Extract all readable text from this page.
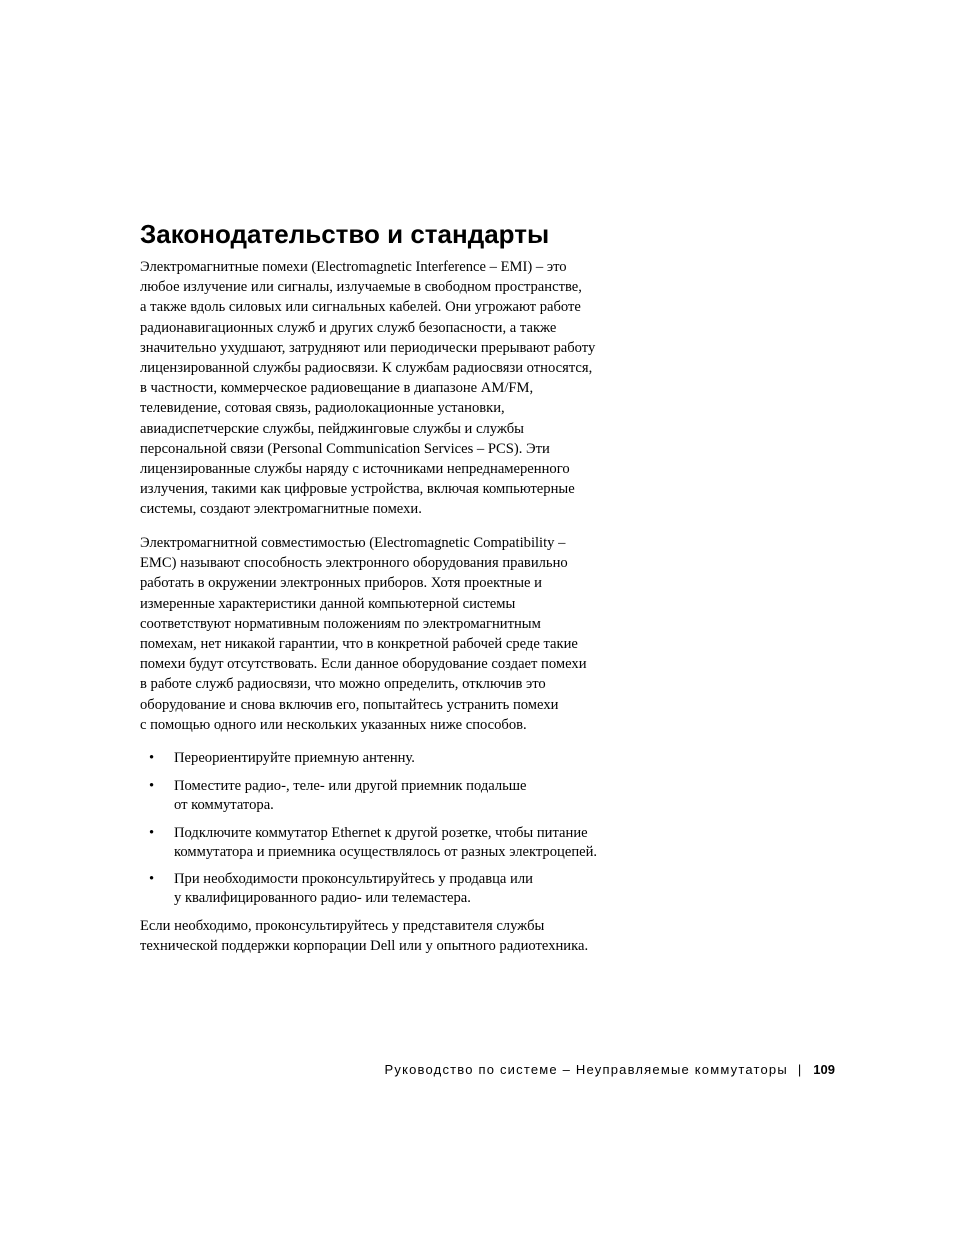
Законодательство и стандарты
Электромагнитные помехи (Electromagnetic Interference – EMI) – это
любое излучение или сигналы, излучаемые в свободном пространстве,
а также вдоль силовых или сигнальных кабелей. Они угрожают работе
радионавигационных служб и других служб безопасности, а также
значительно ухудшают, затрудняют или периодически прерывают работу
лицензированной службы радиосвязи. К службам радиосвязи относятся,
в частности, коммерческое радиовещание в диапазоне AM/FM,
телевидение, сотовая связь, радиолокационные установки,
авиадиспетчерские службы, пейджинговые службы и службы
персональной связи (Personal Communication Services – PCS). Эти
лицензированные службы наряду с источниками непреднамеренного
излучения, такими как цифровые устройства, включая компьютерные
системы, создают электромагнитные помехи.
Электромагнитной совместимостью (Electromagnetic Compatibility –
EMC) называют способность электронного оборудования правильно
работать в окружении электронных приборов. Хотя проектные и
измеренные характеристики данной компьютерной системы
соответствуют нормативным положениям по электромагнитным
помехам, нет никакой гарантии, что в конкретной рабочей среде такие
помехи будут отсутствовать. Если данное оборудование создает помехи
в работе служб радиосвязи, что можно определить, отключив это
оборудование и снова включив его, попытайтесь устранить помехи
с помощью одного или нескольких указанных ниже способов.
• Переориентируйте приемную антенну.
• Поместите радио-, теле- или другой приемник подальше
от коммутатора.
• Подключите коммутатор Ethernet к другой розетке, чтобы питание
коммутатора и приемника осуществлялось от разных электроцепей.
• При необходимости проконсультируйтесь у продавца или
у квалифицированного радио- или телемастера.
Если необходимо, проконсультируйтесь у представителя службы
технической поддержки корпорации Dell или у опытного радиотехника.
Руководство по системе – Неуправляемые коммутаторы | 109
